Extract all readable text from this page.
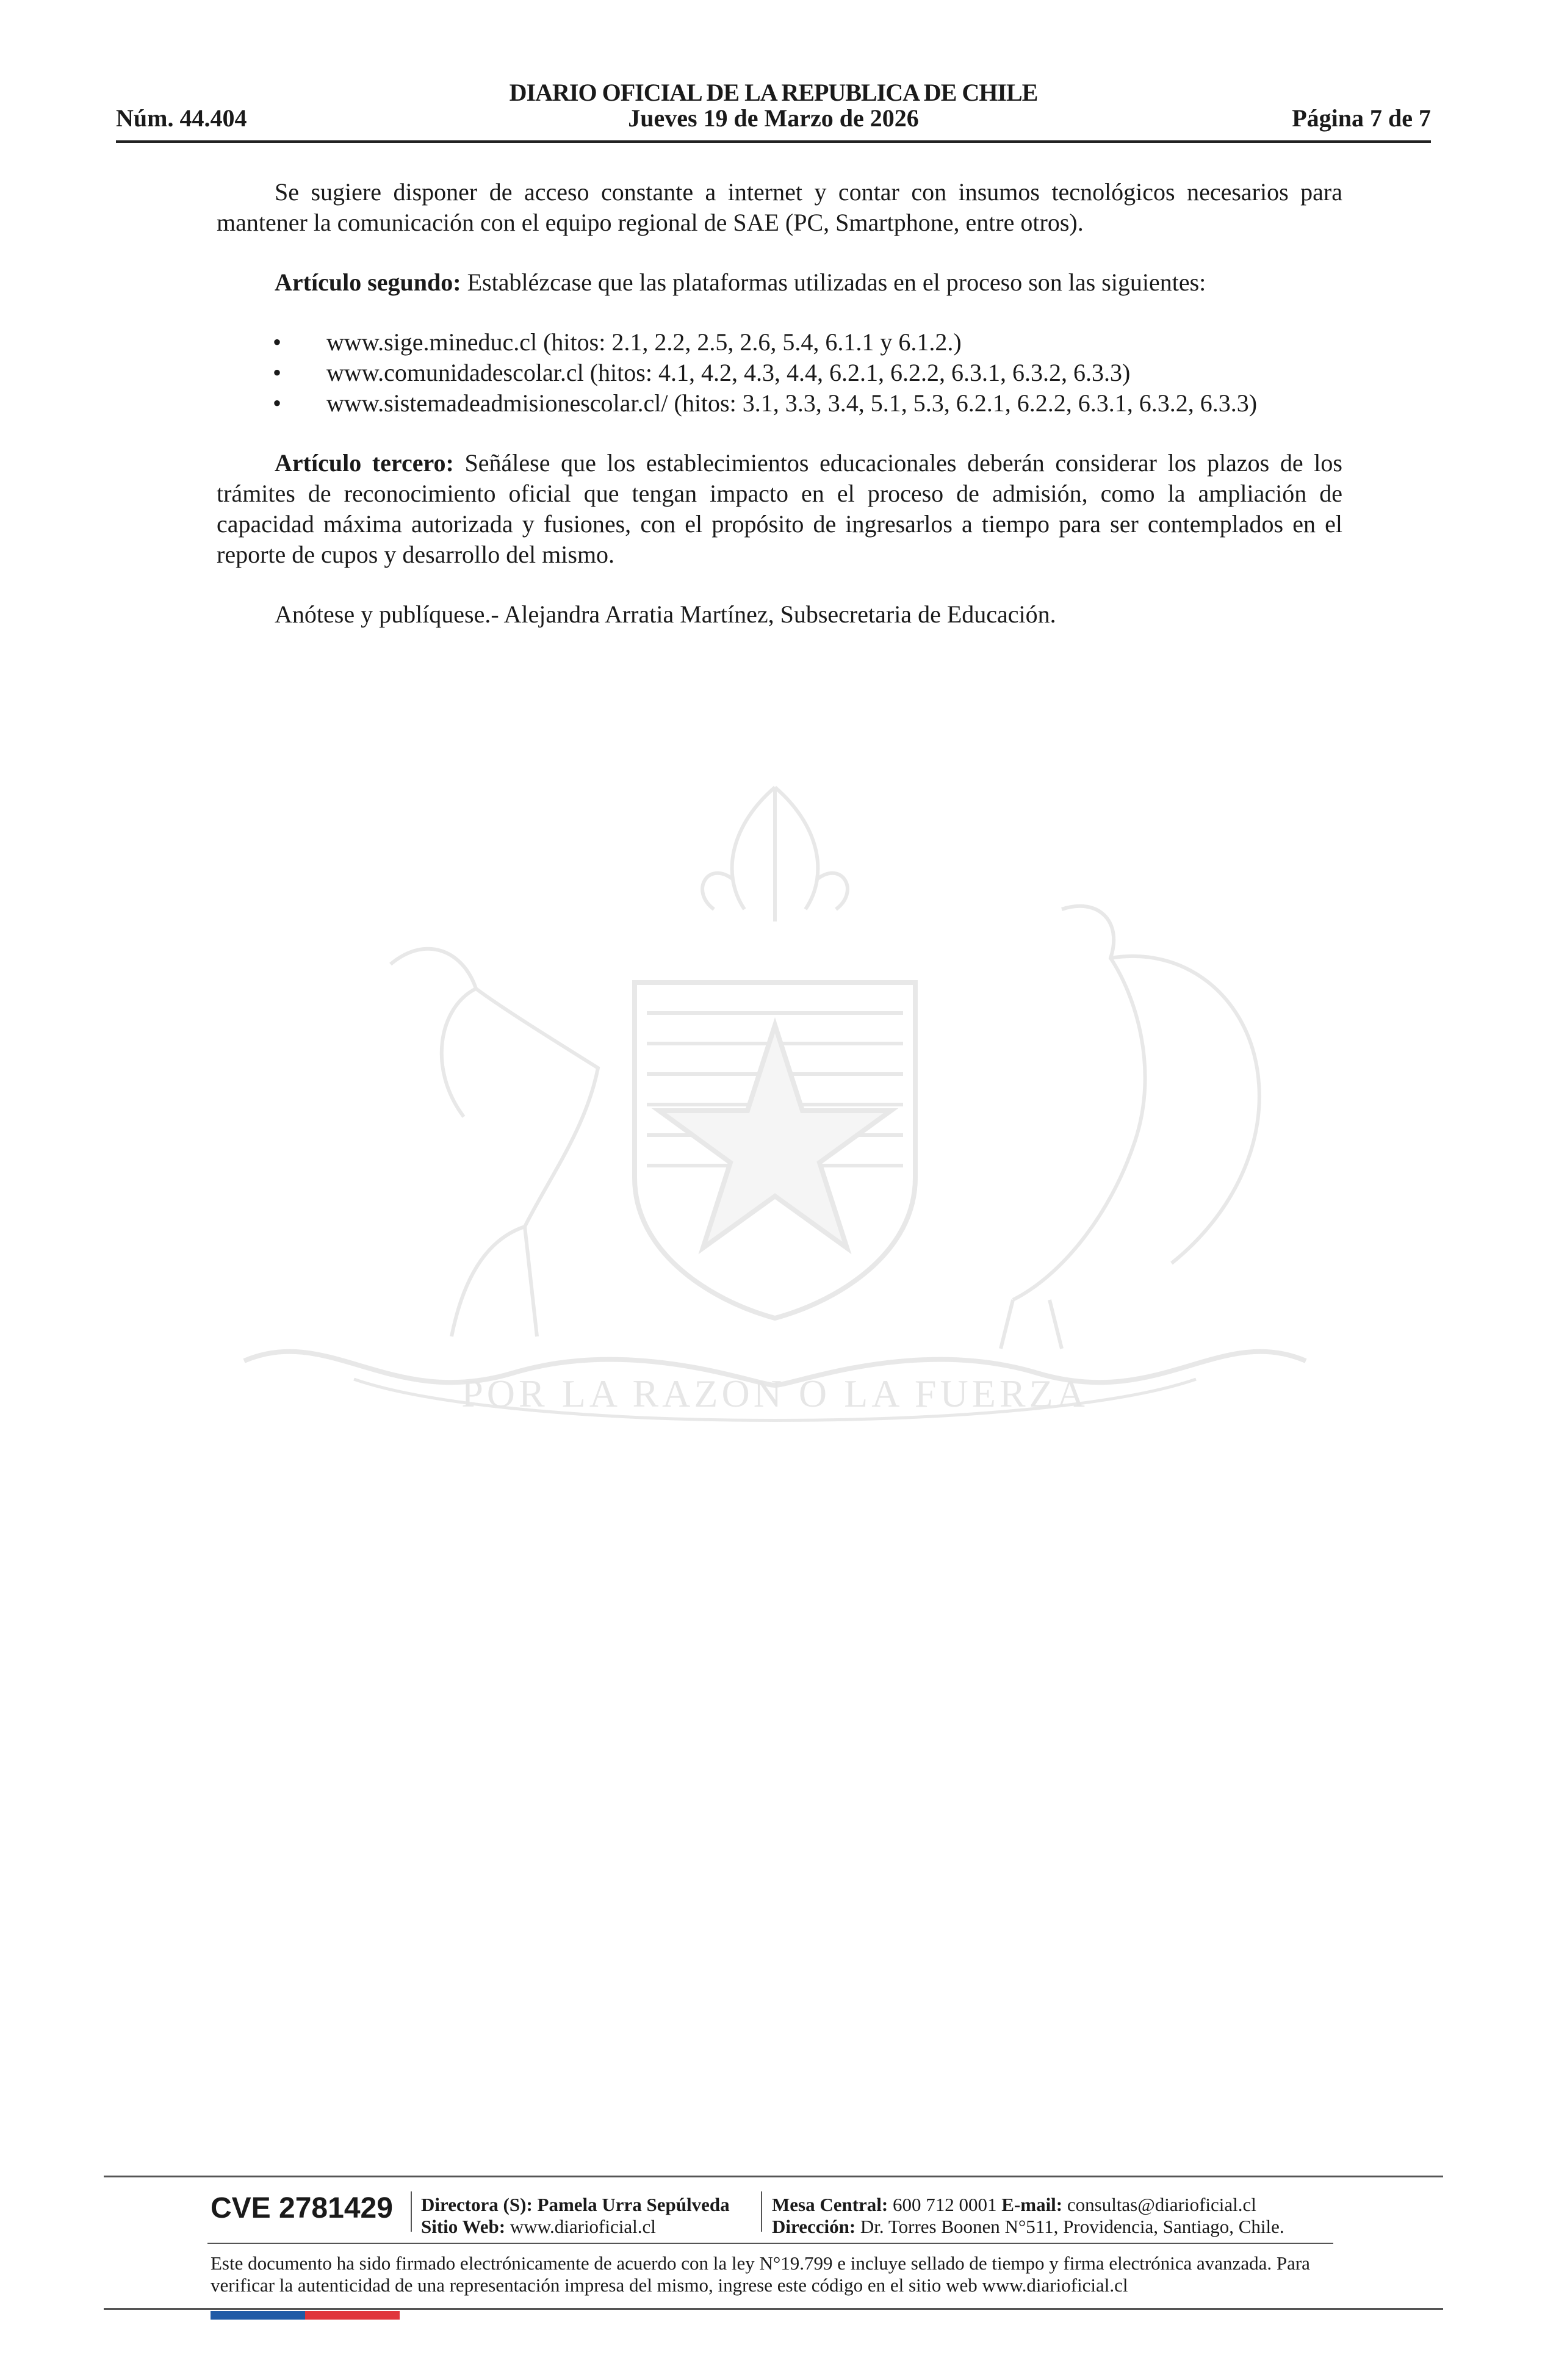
DIARIO OFICIAL DE LA REPUBLICA DE CHILE
Núm. 44.404	Jueves 19 de Marzo de 2026	Página 7 de 7
POR LA RAZON O LA FUERZA

Se sugiere disponer de acceso constante a internet y contar con insumos tecnológicos necesarios para mantener la comunicación con el equipo regional de SAE (PC, Smartphone, entre otros).

Artículo segundo: Establézcase que las plataformas utilizadas en el proceso son las siguientes:

• www.sige.mineduc.cl (hitos: 2.1, 2.2, 2.5, 2.6, 5.4, 6.1.1 y 6.1.2.)
• www.comunidadescolar.cl (hitos: 4.1, 4.2, 4.3, 4.4, 6.2.1, 6.2.2, 6.3.1, 6.3.2, 6.3.3)
• www.sistemadeadmisionescolar.cl/ (hitos: 3.1, 3.3, 3.4, 5.1, 5.3, 6.2.1, 6.2.2, 6.3.1, 6.3.2, 6.3.3)

Artículo tercero: Señálese que los establecimientos educacionales deberán considerar los plazos de los trámites de reconocimiento oficial que tengan impacto en el proceso de admisión, como la ampliación de capacidad máxima autorizada y fusiones, con el propósito de ingresarlos a tiempo para ser contemplados en el reporte de cupos y desarrollo del mismo.

Anótese y publíquese.- Alejandra Arratia Martínez, Subsecretaria de Educación.

CVE 2781429 Directora (S): Pamela Urra Sepúlveda
Sitio Web: www.diarioficial.cl
Mesa Central: 600 712 0001 E-mail: consultas@diarioficial.cl
Dirección: Dr. Torres Boonen N°511, Providencia, Santiago, Chile.
Este documento ha sido firmado electrónicamente de acuerdo con la ley N°19.799 e incluye sellado de tiempo y firma electrónica avanzada. Para verificar la autenticidad de una representación impresa del mismo, ingrese este código en el sitio web www.diarioficial.cl
